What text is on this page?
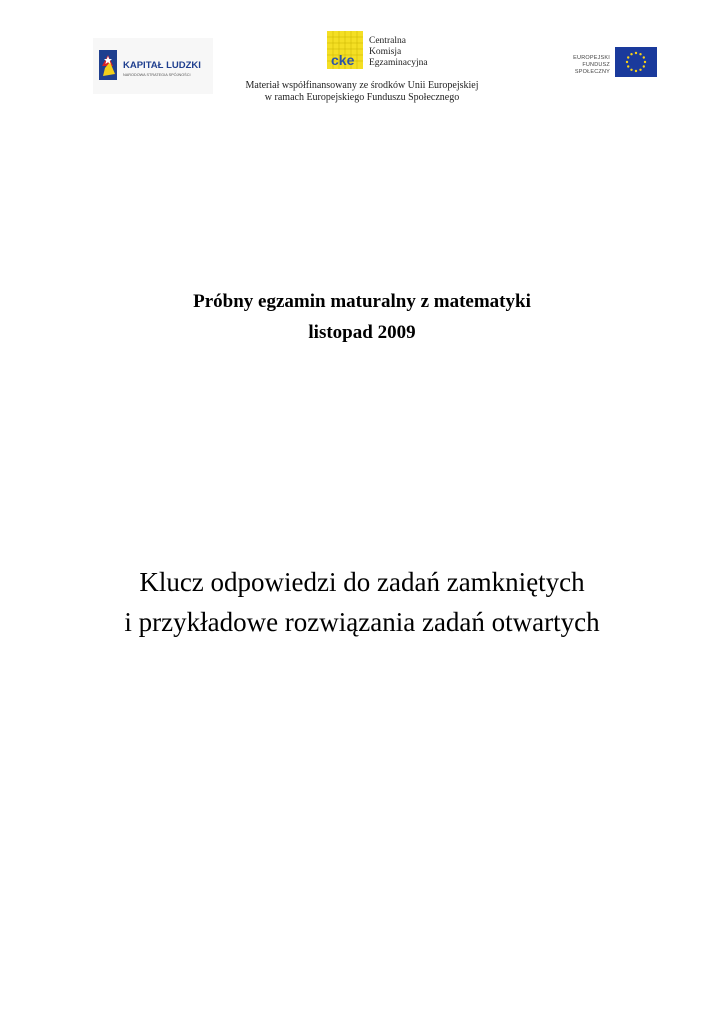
KAPITAŁ LUDZKI
NARODOWA STRATEGIA SPÓJNOŚCI
cke
Centralna
Komisja
Egzaminacyjna
Materiał współfinansowany ze środków Unii Europejskiej
w ramach Europejskiego Funduszu Społecznego
EUROPEJSKI
FUNDUSZ SPOŁECZNY
Próbny egzamin maturalny z matematyki
listopad 2009
Klucz odpowiedzi do zadań zamkniętych
i przykładowe rozwiązania zadań otwartych
